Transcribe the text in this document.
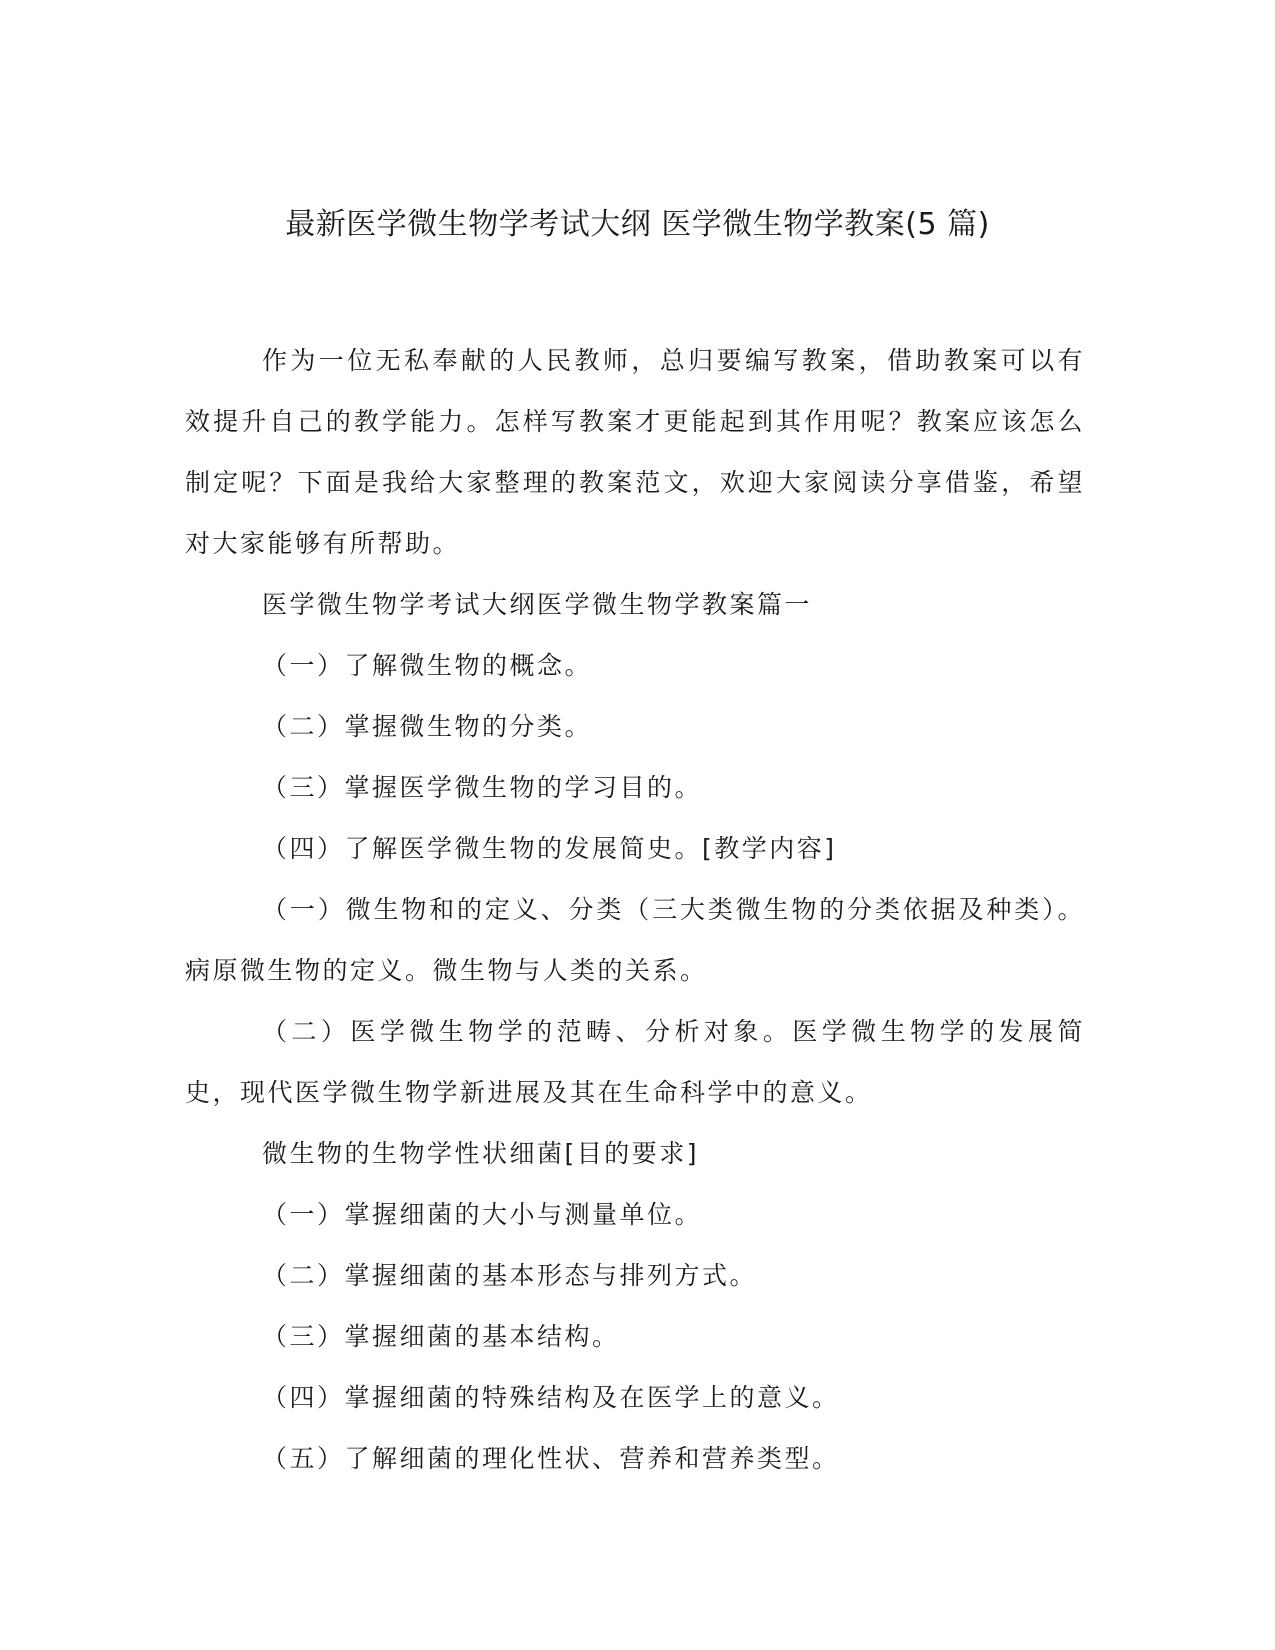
最新医学微生物学考试大纲 医学微生物学教案(5 篇)

作为一位无私奉献的人民教师，总归要编写教案，借助教案可以有效提升自己的教学能力。怎样写教案才更能起到其作用呢？教案应该怎么制定呢？下面是我给大家整理的教案范文，欢迎大家阅读分享借鉴，希望对大家能够有所帮助。

医学微生物学考试大纲医学微生物学教案篇一

（一）了解微生物的概念。

（二）掌握微生物的分类。

（三）掌握医学微生物的学习目的。

（四）了解医学微生物的发展简史。[教学内容]

（一）微生物和的定义、分类（三大类微生物的分类依据及种类）。病原微生物的定义。微生物与人类的关系。

（二）医学微生物学的范畴、分析对象。医学微生物学的发展简史，现代医学微生物学新进展及其在生命科学中的意义。

微生物的生物学性状细菌[目的要求]

（一）掌握细菌的大小与测量单位。

（二）掌握细菌的基本形态与排列方式。

（三）掌握细菌的基本结构。

（四）掌握细菌的特殊结构及在医学上的意义。

（五）了解细菌的理化性状、营养和营养类型。
